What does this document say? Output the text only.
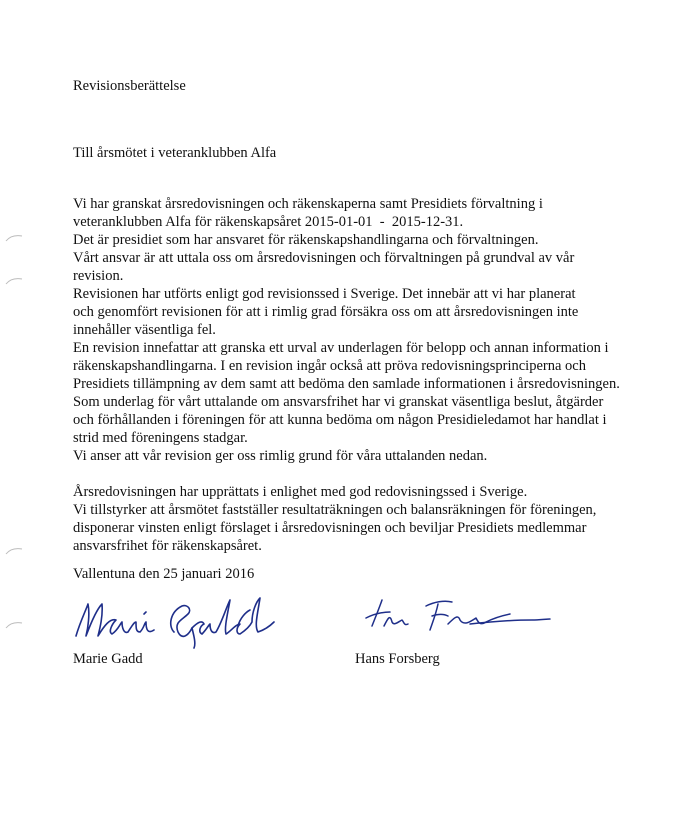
Revisionsberättelse
Till årsmötet i veteranklubben Alfa
Vi har granskat årsredovisningen och räkenskaperna samt Presidiets förvaltning i
veteranklubben Alfa för räkenskapsåret 2015-01-01  -  2015-12-31.
Det är presidiet som har ansvaret för räkenskapshandlingarna och förvaltningen.
Vårt ansvar är att uttala oss om årsredovisningen och förvaltningen på grundval av vår
revision.
Revisionen har utförts enligt god revisionssed i Sverige. Det innebär att vi har planerat
och genomfört revisionen för att i rimlig grad försäkra oss om att årsredovisningen inte
innehåller väsentliga fel.
En revision innefattar att granska ett urval av underlagen för belopp och annan information i
räkenskapshandlingarna. I en revision ingår också att pröva redovisningsprinciperna och
Presidiets tillämpning av dem samt att bedöma den samlade informationen i årsredovisningen.
Som underlag för vårt uttalande om ansvarsfrihet har vi granskat väsentliga beslut, åtgärder
och förhållanden i föreningen för att kunna bedöma om någon Presidieledamot har handlat i
strid med föreningens stadgar.
Vi anser att vår revision ger oss rimlig grund för våra uttalanden nedan.
Årsredovisningen har upprättats i enlighet med god redovisningssed i Sverige.
Vi tillstyrker att årsmötet fastställer resultaträkningen och balansräkningen för föreningen,
disponerar vinsten enligt förslaget i årsredovisningen och beviljar Presidiets medlemmar
ansvarsfrihet för räkenskapsåret.
Vallentuna den 25 januari 2016
Marie Gadd	Hans Forsberg
